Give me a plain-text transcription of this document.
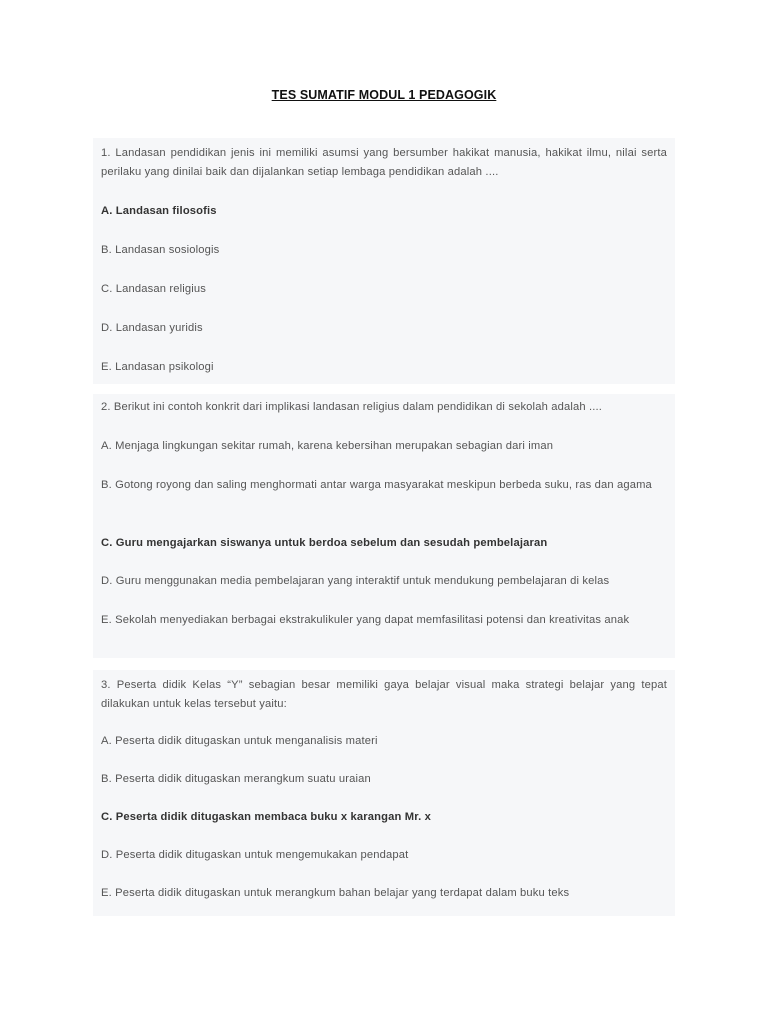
TES SUMATIF MODUL 1 PEDAGOGIK
1. Landasan pendidikan jenis ini memiliki asumsi yang bersumber hakikat manusia, hakikat ilmu, nilai serta perilaku yang dinilai baik dan dijalankan setiap lembaga pendidikan adalah ....
A. Landasan filosofis
B. Landasan sosiologis
C. Landasan religius
D. Landasan yuridis
E. Landasan psikologi
2. Berikut ini contoh konkrit dari implikasi landasan religius dalam pendidikan di sekolah adalah ....
A. Menjaga lingkungan sekitar rumah, karena kebersihan merupakan sebagian dari iman
B. Gotong royong dan saling menghormati antar warga masyarakat meskipun berbeda suku, ras dan agama
C. Guru mengajarkan siswanya untuk berdoa sebelum dan sesudah pembelajaran
D. Guru menggunakan media pembelajaran yang interaktif untuk mendukung pembelajaran di kelas
E. Sekolah menyediakan berbagai ekstrakulikuler yang dapat memfasilitasi potensi dan kreativitas anak
3. Peserta didik Kelas “Y” sebagian besar memiliki gaya belajar visual maka strategi belajar yang tepat dilakukan untuk kelas tersebut yaitu:
A. Peserta didik ditugaskan untuk menganalisis materi
B. Peserta didik ditugaskan merangkum suatu uraian
C. Peserta didik ditugaskan membaca buku x karangan Mr. x
D. Peserta didik ditugaskan untuk mengemukakan pendapat
E. Peserta didik ditugaskan untuk merangkum bahan belajar yang terdapat dalam buku teks
